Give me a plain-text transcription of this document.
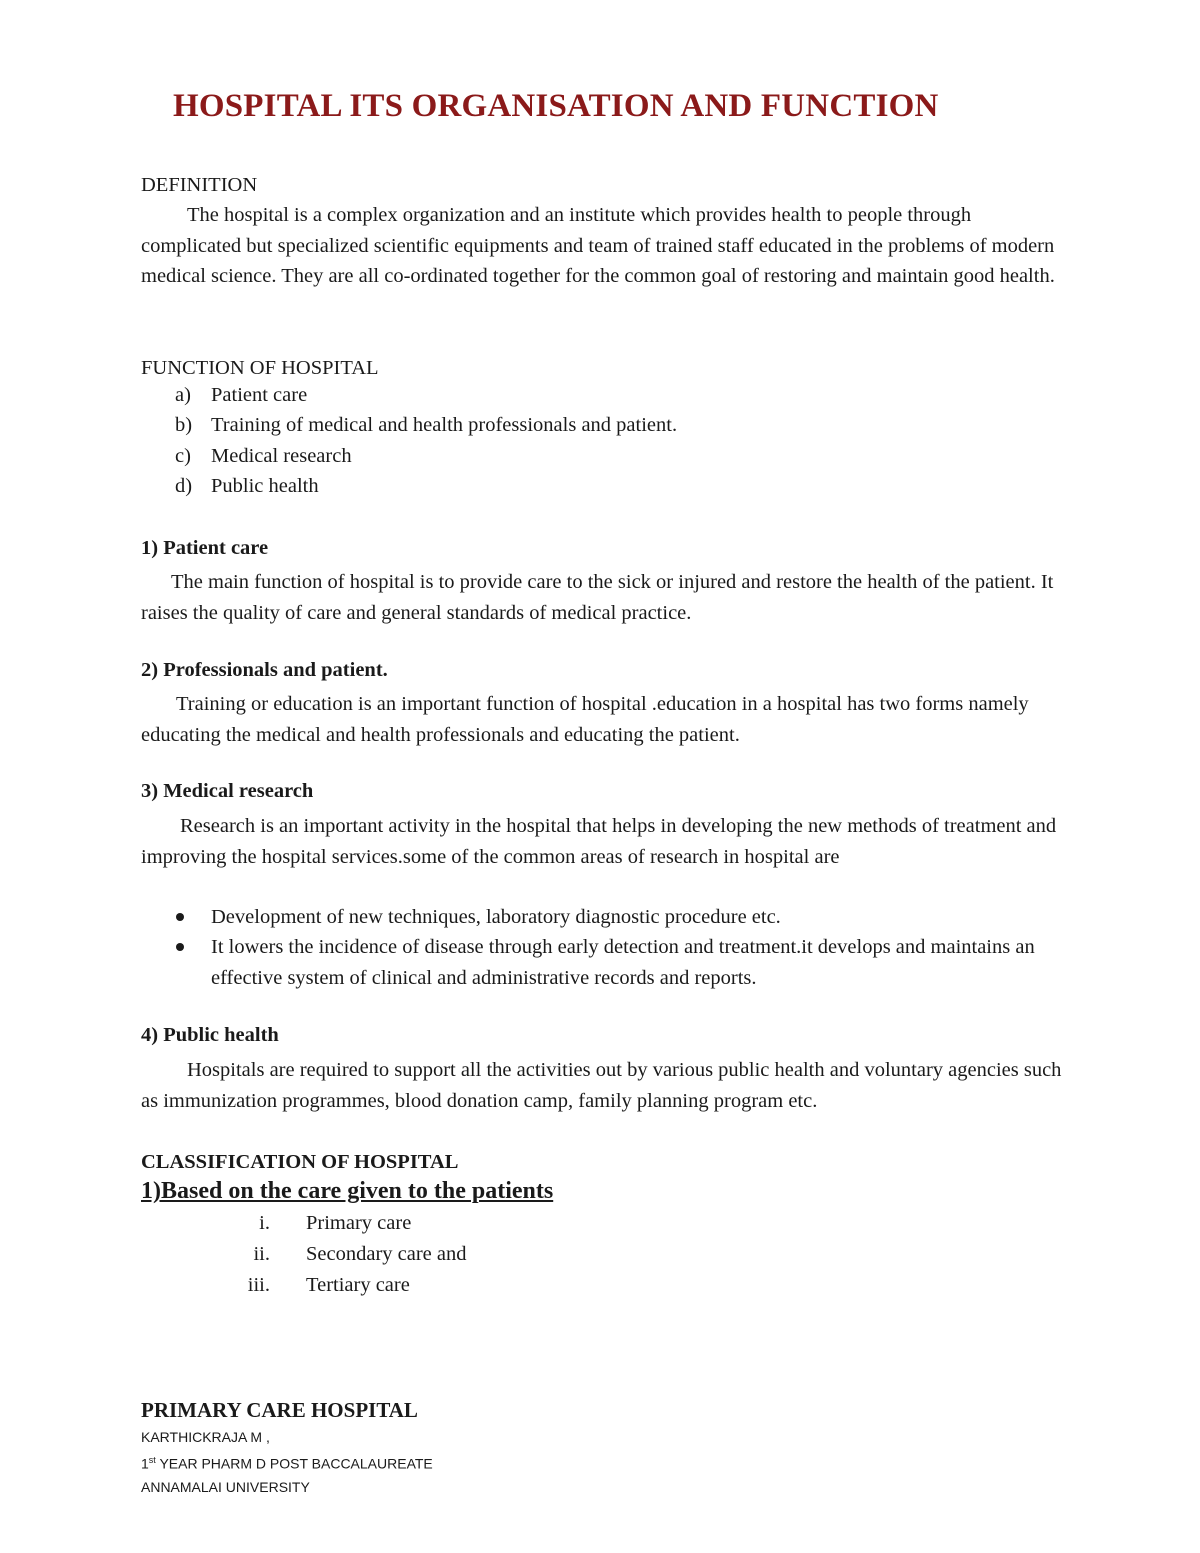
HOSPITAL ITS ORGANISATION AND FUNCTION
DEFINITION
The hospital is a complex organization and an institute which provides health to people through complicated but specialized scientific equipments and team of trained staff educated in the problems of modern medical science. They are all co-ordinated together for the common goal of restoring and maintain good health.
FUNCTION OF HOSPITAL
a) Patient care
b) Training of medical and health professionals and patient.
c) Medical research
d) Public health
1) Patient care
The main function of hospital is to provide care to the sick or injured and restore the health of the patient. It raises the quality of care and general standards of medical practice.
2) Professionals and patient.
Training or education is an important function of hospital .education in a hospital has two forms namely educating the medical and health professionals and educating the patient.
3) Medical research
Research is an important activity in the hospital that helps in developing the new methods of treatment and improving the hospital services.some of the common areas of research in hospital are
Development of new techniques, laboratory diagnostic procedure etc.
It lowers the incidence of disease through early detection and treatment.it develops and maintains an effective system of clinical and administrative records and reports.
4) Public health
Hospitals are required to support all the activities out by various public health and voluntary agencies such as immunization programmes, blood donation camp, family planning program etc.
CLASSIFICATION OF HOSPITAL
1)Based on the care given to the patients
i. Primary care
ii. Secondary care and
iii. Tertiary care
PRIMARY CARE HOSPITAL
KARTHICKRAJA M ,
1st YEAR PHARM D POST BACCALAUREATE
ANNAMALAI UNIVERSITY
